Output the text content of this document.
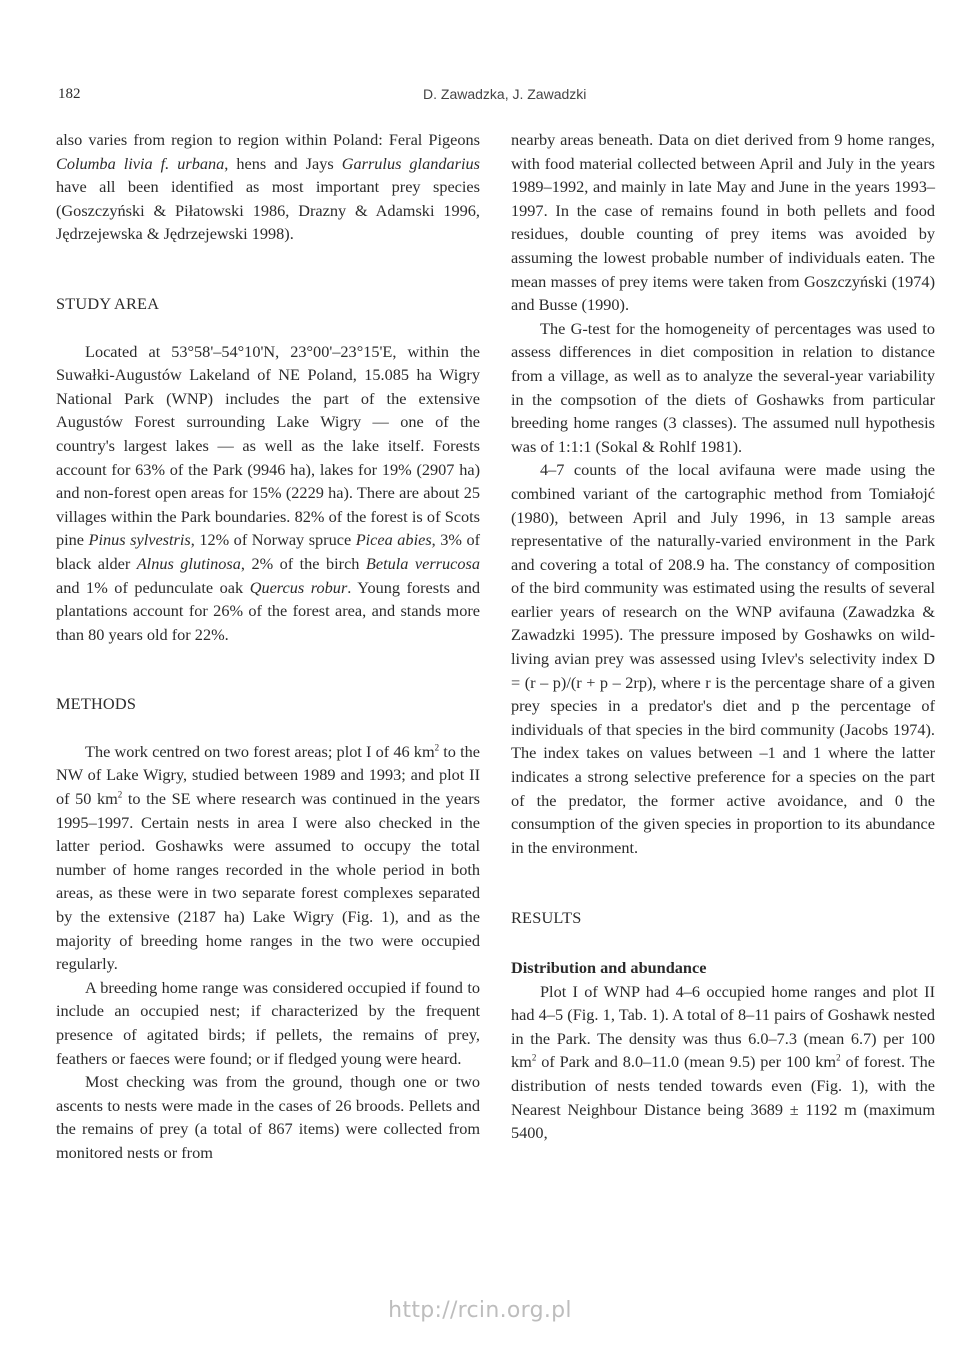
182	D. Zawadzka, J. Zawadzki

also varies from region to region within Poland: Feral Pigeons Columba livia f. urbana, hens and Jays Garrulus glandarius have all been identified as most important prey species (Goszczyński & Piłatowski 1986, Drazny & Adamski 1996, Jędrzejewska & Jędrzejewski 1998).

STUDY AREA

Located at 53°58'–54°10'N, 23°00'–23°15'E, within the Suwałki-Augustów Lakeland of NE Poland, 15.085 ha Wigry National Park (WNP) includes the part of the extensive Augustów Forest surrounding Lake Wigry — one of the country's largest lakes — as well as the lake itself. Forests account for 63% of the Park (9946 ha), lakes for 19% (2907 ha) and non-forest open areas for 15% (2229 ha). There are about 25 villages within the Park boundaries. 82% of the forest is of Scots pine Pinus sylvestris, 12% of Norway spruce Picea abies, 3% of black alder Alnus glutinosa, 2% of the birch Betula verrucosa and 1% of pedunculate oak Quercus robur. Young forests and plantations account for 26% of the forest area, and stands more than 80 years old for 22%.

METHODS

The work centred on two forest areas; plot I of 46 $km^2$ to the NW of Lake Wigry, studied between 1989 and 1993; and plot II of 50 $km^2$ to the SE where research was continued in the years 1995–1997. Certain nests in area I were also checked in the latter period. Goshawks were assumed to occupy the total number of home ranges recorded in the whole period in both areas, as these were in two separate forest complexes separated by the extensive (2187 ha) Lake Wigry (Fig. 1), and as the majority of breeding home ranges in the two were occupied regularly.

A breeding home range was considered occupied if found to include an occupied nest; if characterized by the frequent presence of agitated birds; if pellets, the remains of prey, feathers or faeces were found; or if fledged young were heard.

Most checking was from the ground, though one or two ascents to nests were made in the cases of 26 broods. Pellets and the remains of prey (a total of 867 items) were collected from monitored nests or from

nearby areas beneath. Data on diet derived from 9 home ranges, with food material collected between April and July in the years 1989–1992, and mainly in late May and June in the years 1993–1997. In the case of remains found in both pellets and food residues, double counting of prey items was avoided by assuming the lowest probable number of individuals eaten. The mean masses of prey items were taken from Goszczyński (1974) and Busse (1990).

The G-test for the homogeneity of percentages was used to assess differences in diet composition in relation to distance from a village, as well as to analyze the several-year variability in the compsotion of the diets of Goshawks from particular breeding home ranges (3 classes). The assumed null hypothesis was of 1:1:1 (Sokal & Rohlf 1981).

4–7 counts of the local avifauna were made using the combined variant of the cartographic method from Tomiałojć (1980), between April and July 1996, in 13 sample areas representative of the naturally-varied environment in the Park and covering a total of 208.9 ha. The constancy of composition of the bird community was estimated using the results of several earlier years of research on the WNP avifauna (Zawadzka & Zawadzki 1995). The pressure imposed by Goshawks on wild-living avian prey was assessed using Ivlev's selectivity index D = (r – p)/(r + p – 2rp), where r is the percentage share of a given prey species in a predator's diet and p the percentage of individuals of that species in the bird community (Jacobs 1974). The index takes on values between –1 and 1 where the latter indicates a strong selective preference for a species on the part of the predator, the former active avoidance, and 0 the consumption of the given species in proportion to its abundance in the environment.

RESULTS
Distribution and abundance

Plot I of WNP had 4–6 occupied home ranges and plot II had 4–5 (Fig. 1, Tab. 1). A total of 8–11 pairs of Goshawk nested in the Park. The density was thus 6.0–7.3 (mean 6.7) per 100 $km^2$ of Park and 8.0–11.0 (mean 9.5) per 100 $km^2$ of forest. The distribution of nests tended towards even (Fig. 1), with the Nearest Neighbour Distance being 3689 ± 1192 m (maximum 5400,

http://rcin.org.pl
